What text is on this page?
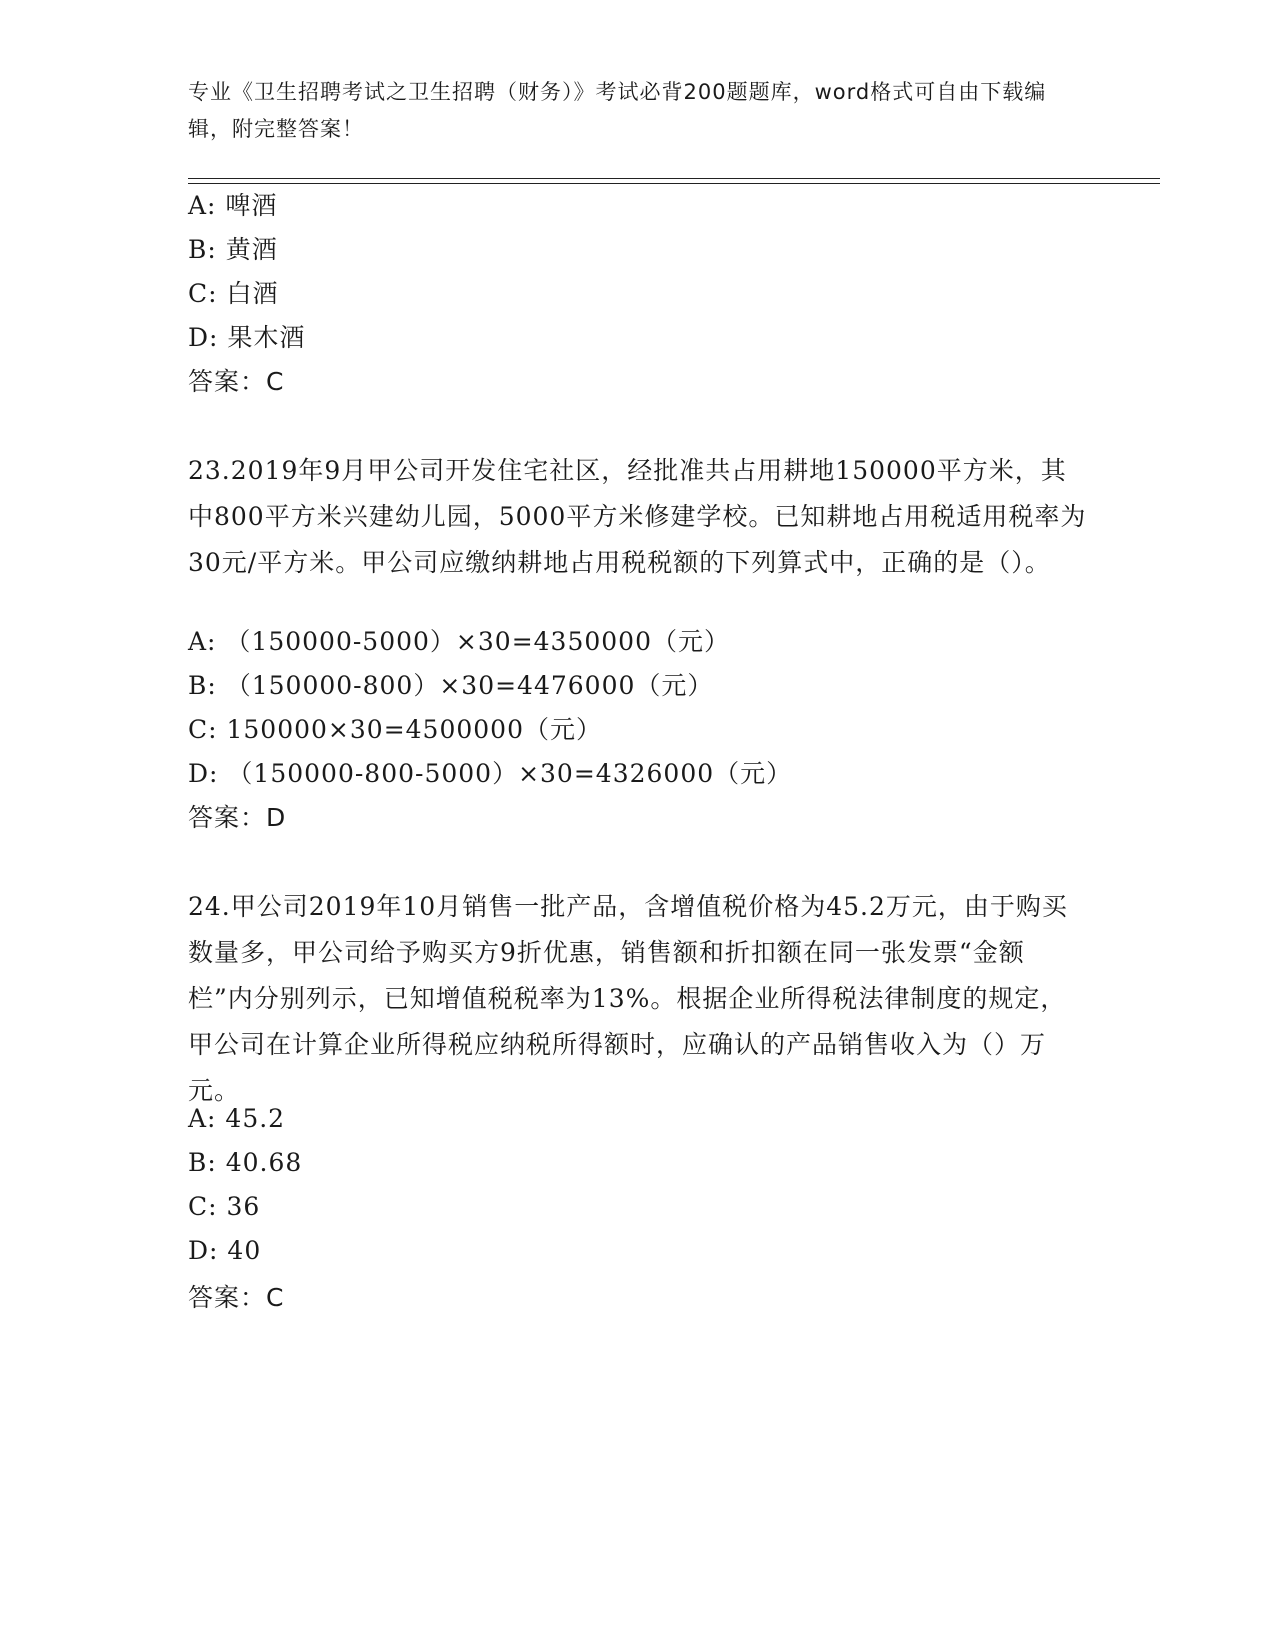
专业《卫生招聘考试之卫生招聘（财务）》考试必背200题题库，word格式可自由下载编辑，附完整答案！
A: 啤酒
B: 黄酒
C: 白酒
D: 果木酒
答案：C
23.2019年9月甲公司开发住宅社区，经批准共占用耕地150000平方米，其中800平方米兴建幼儿园，5000平方米修建学校。已知耕地占用税适用税率为30元/平方米。甲公司应缴纳耕地占用税税额的下列算式中，正确的是（）。
A: （150000-5000）×30=4350000（元）
B: （150000-800）×30=4476000（元）
C: 150000×30=4500000（元）
D: （150000-800-5000）×30=4326000（元）
答案：D
24.甲公司2019年10月销售一批产品，含增值税价格为45.2万元，由于购买数量多，甲公司给予购买方9折优惠，销售额和折扣额在同一张发票“金额栏”内分别列示，已知增值税税率为13%。根据企业所得税法律制度的规定，甲公司在计算企业所得税应纳税所得额时，应确认的产品销售收入为（）万元。
A: 45.2
B: 40.68
C: 36
D: 40
答案：C
